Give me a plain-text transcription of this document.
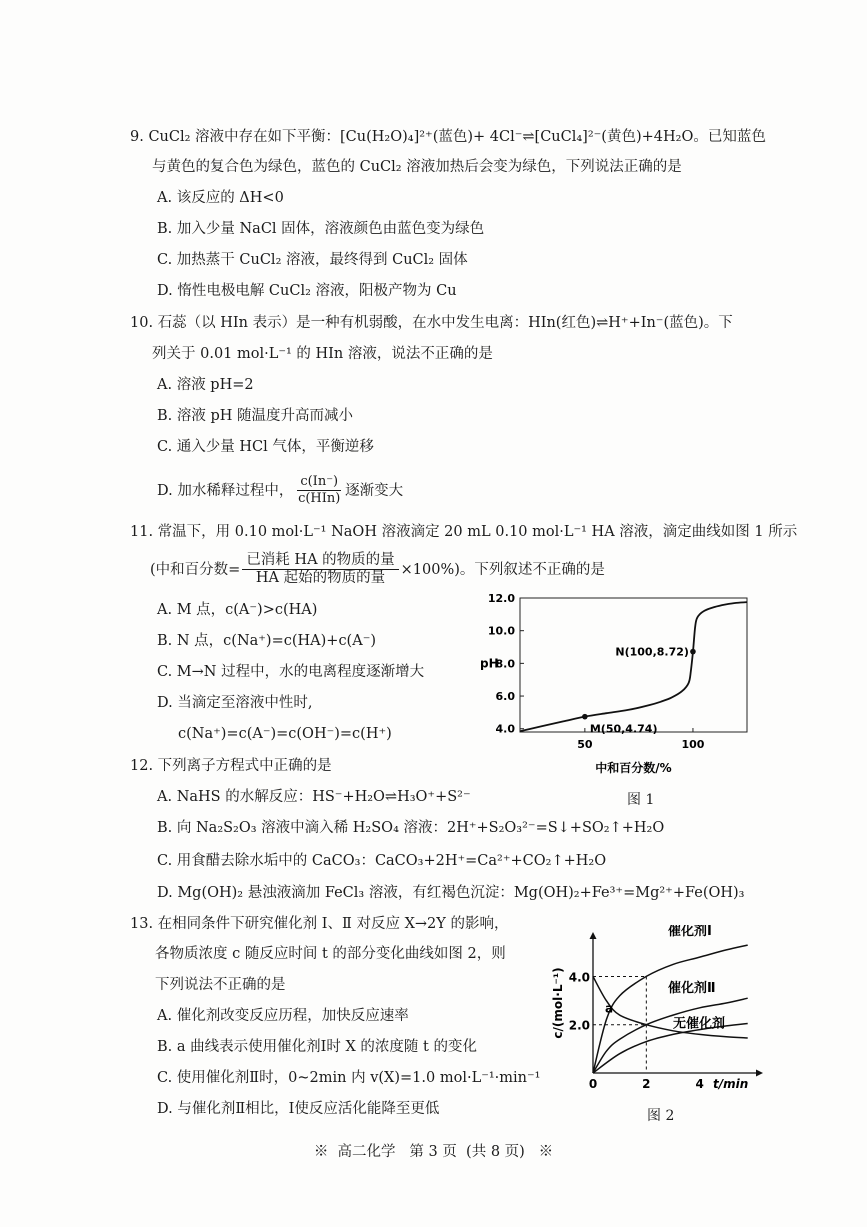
9. CuCl₂ 溶液中存在如下平衡：[Cu(H₂O)₄]²⁺(蓝色)+ 4Cl⁻⇌[CuCl₄]²⁻(黄色)+4H₂O。已知蓝色
与黄色的复合色为绿色，蓝色的 CuCl₂ 溶液加热后会变为绿色，下列说法正确的是
A. 该反应的 ΔH<0
B. 加入少量 NaCl 固体，溶液颜色由蓝色变为绿色
C. 加热蒸干 CuCl₂ 溶液，最终得到 CuCl₂ 固体
D. 惰性电极电解 CuCl₂ 溶液，阳极产物为 Cu
10. 石蕊（以 HIn 表示）是一种有机弱酸，在水中发生电离：HIn(红色)⇌H⁺+In⁻(蓝色)。下
列关于 0.01 mol·L⁻¹ 的 HIn 溶液，说法不正确的是
A. 溶液 pH=2
B. 溶液 pH 随温度升高而减小
C. 通入少量 HCl 气体，平衡逆移
D. 加水稀释过程中，
c(In⁻)
c(HIn) 逐渐变大
11. 常温下，用 0.10 mol·L⁻¹ NaOH 溶液滴定 20 mL 0.10 mol·L⁻¹ HA 溶液，滴定曲线如图 1 所示
(中和百分数=
已消耗 HA 的物质的量
HA 起始的物质的量
×100%)。下列叙述不正确的是
A. M 点，c(A⁻)>c(HA)
B. N 点，c(Na⁺)=c(HA)+c(A⁻)
C. M→N 过程中，水的电离程度逐渐增大
D. 当滴定至溶液中性时,
c(Na⁺)=c(A⁻)=c(OH⁻)=c(H⁺)	4.0
6.0
8.0
10.0
12.0
50	100
pH
中和百分数/%
N(100,8.72)
M(50,4.74)
图 1
12. 下列离子方程式中正确的是
A. NaHS 的水解反应：HS⁻+H₂O⇌H₃O⁺+S²⁻
B. 向 Na₂S₂O₃ 溶液中滴入稀 H₂SO₄ 溶液：2H⁺+S₂O₃²⁻=S↓+SO₂↑+H₂O
C. 用食醋去除水垢中的 CaCO₃：CaCO₃+2H⁺=Ca²⁺+CO₂↑+H₂O
D. Mg(OH)₂ 悬浊液滴加 FeCl₃ 溶液，有红褐色沉淀：Mg(OH)₂+Fe³⁺=Mg²⁺+Fe(OH)₃
13. 在相同条件下研究催化剂 Ⅰ、Ⅱ 对反应 X→2Y 的影响，
各物质浓度 c 随反应时间 t 的部分变化曲线如图 2，则
下列说法不正确的是
A. 催化剂改变反应历程，加快反应速率
B. a 曲线表示使用催化剂Ⅰ时 X 的浓度随 t 的变化
C. 使用催化剂Ⅱ时，0~2min 内 v(X)=1.0 mol·L⁻¹·min⁻¹
D. 与催化剂Ⅱ相比，Ⅰ使反应活化能降至更低
2.0
4.0
0	2	4 t/min
c/(mol·L⁻¹)
催化剂Ⅰ
催化剂Ⅱ
无催化剂
a
图 2
※  高二化学   第 3 页  (共 8 页)   ※
